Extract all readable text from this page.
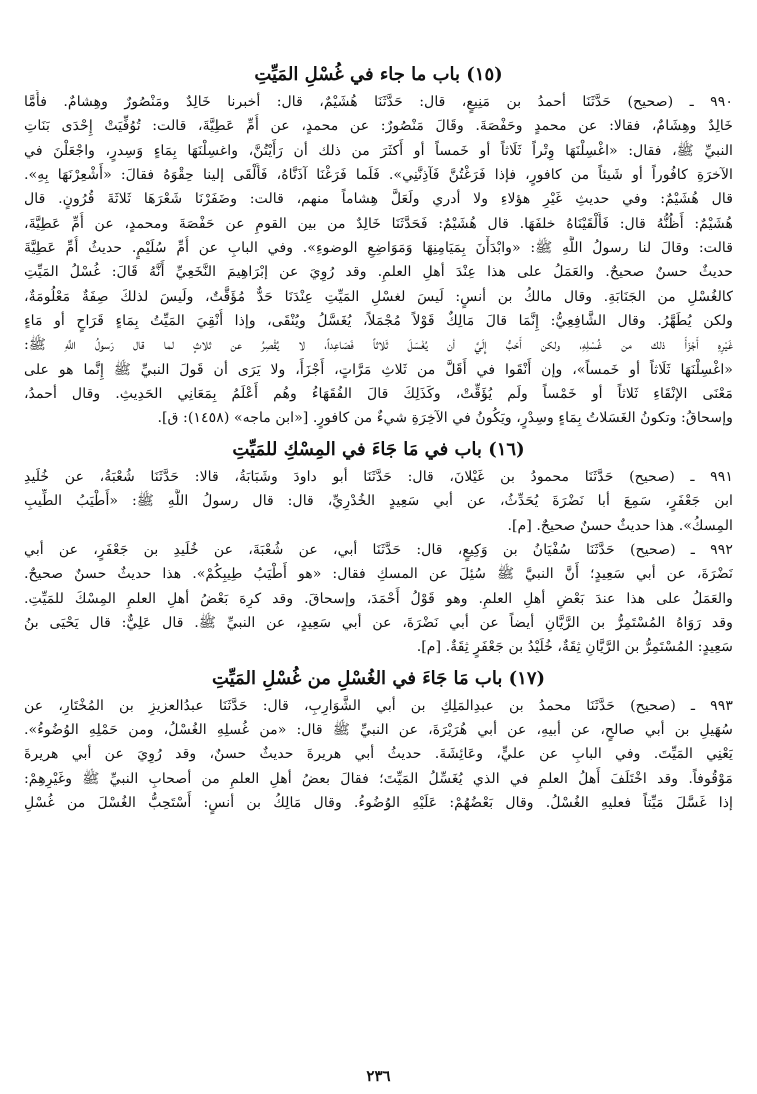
(١٥) باب ما جاء في غُسْلِ المَيِّتِ
٩٩٠ ـ (صحيح) حَدَّثَنَا أحمدُ بن مَنِيعٍ، قال: حَدَّثَنَا هُشَيْمٌ، قال: أخبرنا خَالِدٌ ومَنْصُورٌ وهِشامٌ. فأَمَّا
خَالِدٌ وهِشَامٌ، فقالا: عن محمدٍ وحَفْصَةَ. وقَالَ مَنْصُورٌ: عن محمدٍ، عن أُمِّ عَطِيَّةَ، قالت: تُوُفِّيَتْ إِحْدَى بَنَاتِ
النبيِّ ﷺ، فقال: «اغْسِلْنَهَا وِتْراً ثَلَاثاً أو خَمساً أو أَكثَرَ من ذلك أن رَأَيْتُنَّ، واغسِلْنَهَا بِمَاءٍ وَسِدرٍ، واجْعَلْنَ في
الآخرَةِ كافُوراً أو شَيئاً من كافورٍ، فإذا فَرَغْتُنَّ فَآذِنَّنِي». فَلَما فَرَغْنَا آذَنَّاهُ، فَأَلْقَى إلينا حِقْوَهُ فقالَ: «أَشْعِرْنَهَا بِهِ».
قال هُشَيْمٌ: وفي حديثِ غَيْرِ هؤلاءِ ولا أدري ولَعَلَّ هِشاماً منهم، قالت: وضَفَرْنَا شَعْرَهَا ثَلاثَةَ قُرُونٍ. قال
هُشَيْمٌ: أَظُنُّهُ قال: فَأَلْقَيْنَاهُ خلفَهَا. قال هُشَيْمٌ: فَحَدَّثَنَا خَالِدٌ من بين القومِ عن حَفْصَةَ ومحمدٍ، عن أُمِّ عَطِيَّةَ،
قالت: وقالَ لنا رسولُ اللَّهِ ﷺ: «وابْدَأْنَ بِمَيَامِنِهَا وَمَوَاضِعِ الوضوءِ». وفي البابِ عن أُمِّ سُلَيْمٍ. حديثُ أُمِّ عَطِيَّةَ
حديثٌ حسنٌ صحيحٌ. والعَمَلُ على هذا عِنْدَ أهلِ العلمِ. وقد رُوِيَ عن إبْرَاهِيمَ النَّخَعِيِّ أَنَّهُ قَالَ: غُسْلُ المَيِّتِ
كالغُسْلِ من الجَنَابَةِ. وقال مالكُ بن أنسٍ: لَيسَ لغسْلِ المَيِّتِ عِنْدَنَا حَدٌّ مُؤَقَّتٌ، ولَيسَ لذلكَ صِفَةٌ مَعْلُومَةٌ،
ولكن يُطَهَّرُ. وقال الشَّافِعِيُّ: إِنَّمَا قالَ مَالِكٌ قَوْلاً مُجْمَلاً، يُغَسَّلُ ويُنْقَى، وإذا أُنْقِيَ المَيِّتُ بِمَاءٍ قَرَاحٍ أو مَاءٍ
غَيْرِهِ أَجْزَأَ ذلك من غُسْلِهِ، ولكن أَحَبُّ إِلَيَّ أن يُغْسَلَ ثَلاثاً فَصَاعِداً، لا يُقْصِرُ عن ثلاثٍ لما قال رَسولُ اللَّهِ ﷺ:
«اغْسِلْنَهَا ثَلَاثاً أو خَمساً»، وإن أَنْقَوا في أَقَلَّ من ثَلاثِ مَرَّاتٍ، أَجْزَأَ، ولا يَرَى أن قَولَ النبيِّ ﷺ إِنَّما هو على
مَعْنَى الإنْقَاءِ ثَلاثاً أو خَمْساً ولَم يُؤَقِّتْ، وكَذَلِكَ قالَ الفُقَهَاءُ وهُم أَعْلَمُ بِمَعَانِي الحَدِيثِ. وقال أحمدُ،
وإسحاقُ: وتكونُ الغَسَلاتُ بِمَاءٍ وسِدْرٍ، ويَكُونُ في الآخِرَةِ شيءٌ من كافورٍ. [«ابن ماجه» (١٤٥٨): ق].
(١٦) باب في مَا جَاءَ في المِسْكِ للمَيِّتِ
٩٩١ ـ (صحيح) حَدَّثَنَا محمودُ بن غَيْلانَ، قال: حَدَّثَنَا أبو داودَ وشَبَابَةُ، قالا: حَدَّثَنَا شُعْبَةُ، عن خُلَيدِ
ابن جَعْفَرٍ، سَمِعَ أبا نَضْرَةَ يُحَدِّثُ، عن أبي سَعِيدٍ الخُدْرِيِّ، قال: قال رسولُ اللَّهِ ﷺ: «أَطْيَبُ الطِّيبِ
المِسكُ». هذا حديثٌ حسنٌ صحيحٌ. [م].
٩٩٢ ـ (صحيح) حَدَّثَنَا سُفْيَانُ بن وَكِيعٍ، قال: حَدَّثَنَا أبي، عن شُعْبَةَ، عن خُلَيدِ بن جَعْفَرٍ، عن أبي
نَضْرَةَ، عن أبي سَعِيدٍ؛ أَنَّ النبيَّ ﷺ سُئِلَ عن المسكِ فقال: «هو أَطْيَبُ طِيبِكُمْ». هذا حديثٌ حسنٌ صحيحٌ.
والعَمَلُ على هذا عندَ بَعْضِ أهلِ العلمِ. وهو قَوْلُ أَحْمَدَ، وإسحاقَ. وقد كرِهَ بَعْضُ أهلِ العلمِ المِسْكَ للمَيِّتِ.
وقد رَوَاهُ المُسْتَمِرُّ بن الرَّيَّانِ أيضاً عن أبي نَضْرَةَ، عن أبي سَعِيدٍ، عن النبيِّ ﷺ. قال عَلِيٌّ: قال يَحْيَى بنُ
سَعِيدٍ: المُسْتَمِرُّ بن الرَّيَّانِ ثِقَةٌ، خُلَيْدُ بن جَعْفَرٍ ثِقَةٌ. [م].
(١٧) باب مَا جَاءَ في الغُسْلِ من غُسْلِ المَيِّتِ
٩٩٣ ـ (صحيح) حَدَّثَنَا محمدُ بن عبدِالمَلِكِ بن أبي الشَّوَارِبِ، قال: حَدَّثَنَا عبدُالعزيزِ بن المُخْتَارِ، عن
سُهَيلِ بن أبي صالحٍ، عن أبيهِ، عن أبي هُرَيْرَةَ، عن النبيِّ ﷺ قال: «من غُسلِهِ الغُسْلُ، ومن حَمْلِهِ الوُضُوءُ».
يَعْنِي المَيِّتَ. وفي البابِ عن عليٍّ، وعَائِشَةَ. حديثُ أبي هريرةَ حديثٌ حسنٌ، وقد رُوِيَ عن أبي هريرةَ
مَوْقُوفاً. وقد اخْتَلَفَ أَهلُ العلمِ في الذي يُغَسِّلُ المَيِّتَ؛ فقالَ بعضُ أهلِ العلمِ من أصحابِ النبيِّ ﷺ وغَيْرِهِمْ:
إذا غَسَّلَ مَيِّتاً فعليهِ الغُسْلُ. وقال بَعْضُهُمْ: عَلَيْهِ الوُضُوءُ. وقال مَالِكُ بن أنسٍ: أَسْتَحِبُّ الغُسْلَ من غُسْلِ
٢٣٦
